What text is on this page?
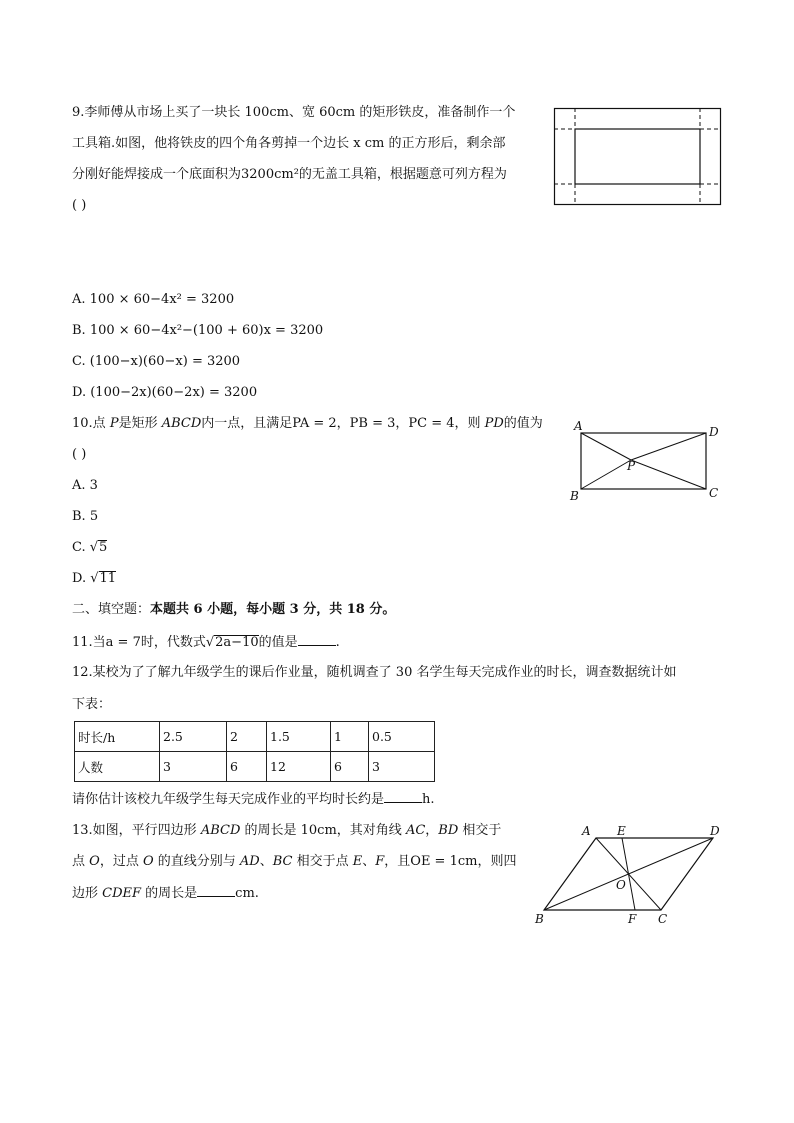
9.李师傅从市场上买了一块长 100cm、宽 60cm 的矩形铁皮，准备制作一个
工具箱.如图，他将铁皮的四个角各剪掉一个边长 x cm 的正方形后，剩余部
分刚好能焊接成一个底面积为3200cm²的无盖工具箱，根据题意可列方程为
( )
A. 100 × 60−4x² = 3200
B. 100 × 60−4x²−(100 + 60)x = 3200
C. (100−x)(60−x) = 3200
D. (100−2x)(60−2x) = 3200
10.点 P是矩形 ABCD内一点，且满足PA = 2，PB = 3，PC = 4，则 PD的值为
( )
A	D
B	C
P
A. 3
B. 5
C. √5
D. √11
二、填空题：本题共 6 小题，每小题 3 分，共 18 分。
11.当a = 7时，代数式√2a−10的值是	.
12.某校为了了解九年级学生的课后作业量，随机调查了 30 名学生每天完成作业的时长，调查数据统计如
下表：
时长/h	2.5	2	1.5	1	0.5
人数	3	6	12	6	3
请你估计该校九年级学生每天完成作业的平均时长约是	h.
13.如图，平行四边形 ABCD 的周长是 10cm，其对角线 AC，BD 相交于
点 O，过点 O 的直线分别与 AD、BC 相交于点 E、F，且OE = 1cm，则四
边形 CDEF 的周长是	cm.
A E	D
O
B	F C
